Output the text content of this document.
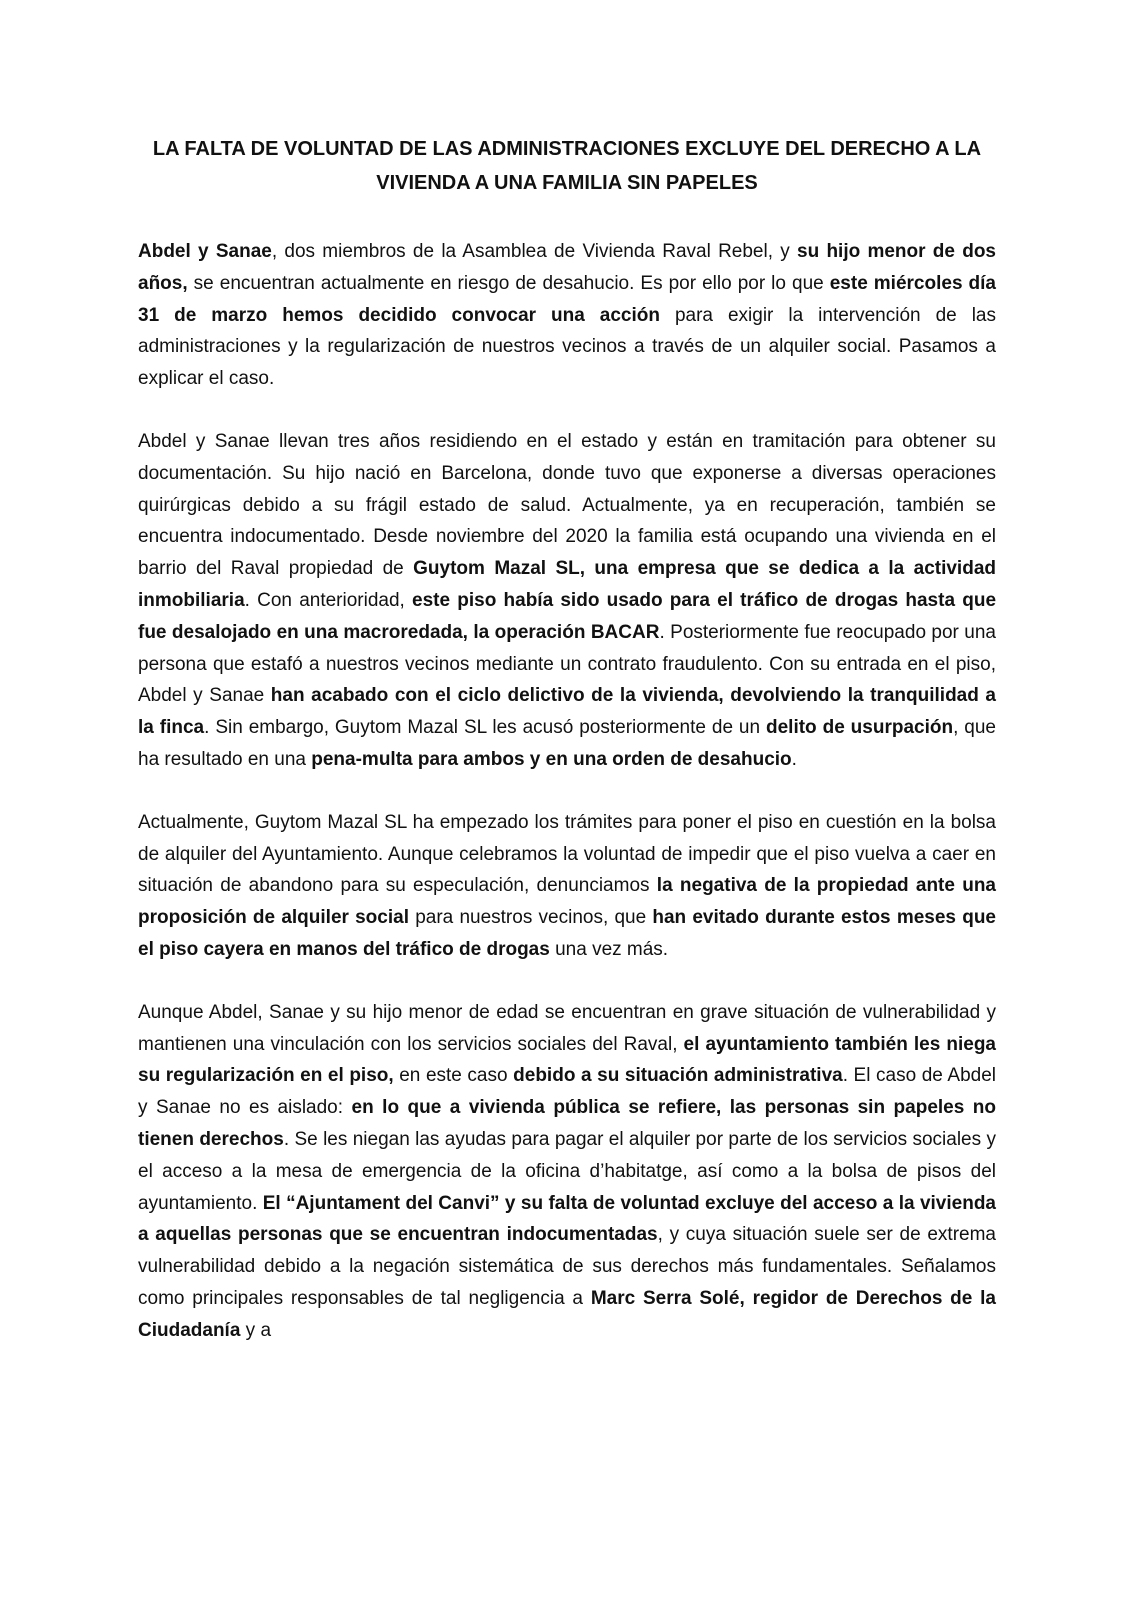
LA FALTA DE VOLUNTAD DE LAS ADMINISTRACIONES EXCLUYE DEL DERECHO A LA VIVIENDA A UNA FAMILIA SIN PAPELES

Abdel y Sanae, dos miembros de la Asamblea de Vivienda Raval Rebel, y su hijo menor de dos años, se encuentran actualmente en riesgo de desahucio. Es por ello por lo que este miércoles día 31 de marzo hemos decidido convocar una acción para exigir la intervención de las administraciones y la regularización de nuestros vecinos a través de un alquiler social. Pasamos a explicar el caso.

Abdel y Sanae llevan tres años residiendo en el estado y están en tramitación para obtener su documentación. Su hijo nació en Barcelona, donde tuvo que exponerse a diversas operaciones quirúrgicas debido a su frágil estado de salud. Actualmente, ya en recuperación, también se encuentra indocumentado. Desde noviembre del 2020 la familia está ocupando una vivienda en el barrio del Raval propiedad de Guytom Mazal SL, una empresa que se dedica a la actividad inmobiliaria. Con anterioridad, este piso había sido usado para el tráfico de drogas hasta que fue desalojado en una macroredada, la operación BACAR. Posteriormente fue reocupado por una persona que estafó a nuestros vecinos mediante un contrato fraudulento. Con su entrada en el piso, Abdel y Sanae han acabado con el ciclo delictivo de la vivienda, devolviendo la tranquilidad a la finca. Sin embargo, Guytom Mazal SL les acusó posteriormente de un delito de usurpación, que ha resultado en una pena-multa para ambos y en una orden de desahucio.

Actualmente, Guytom Mazal SL ha empezado los trámites para poner el piso en cuestión en la bolsa de alquiler del Ayuntamiento. Aunque celebramos la voluntad de impedir que el piso vuelva a caer en situación de abandono para su especulación, denunciamos la negativa de la propiedad ante una proposición de alquiler social para nuestros vecinos, que han evitado durante estos meses que el piso cayera en manos del tráfico de drogas una vez más.

Aunque Abdel, Sanae y su hijo menor de edad se encuentran en grave situación de vulnerabilidad y mantienen una vinculación con los servicios sociales del Raval, el ayuntamiento también les niega su regularización en el piso, en este caso debido a su situación administrativa. El caso de Abdel y Sanae no es aislado: en lo que a vivienda pública se refiere, las personas sin papeles no tienen derechos. Se les niegan las ayudas para pagar el alquiler por parte de los servicios sociales y el acceso a la mesa de emergencia de la oficina d’habitatge, así como a la bolsa de pisos del ayuntamiento. El “Ajuntament del Canvi” y su falta de voluntad excluye del acceso a la vivienda a aquellas personas que se encuentran indocumentadas, y cuya situación suele ser de extrema vulnerabilidad debido a la negación sistemática de sus derechos más fundamentales. Señalamos como principales responsables de tal negligencia a Marc Serra Solé, regidor de Derechos de la Ciudadanía y a
